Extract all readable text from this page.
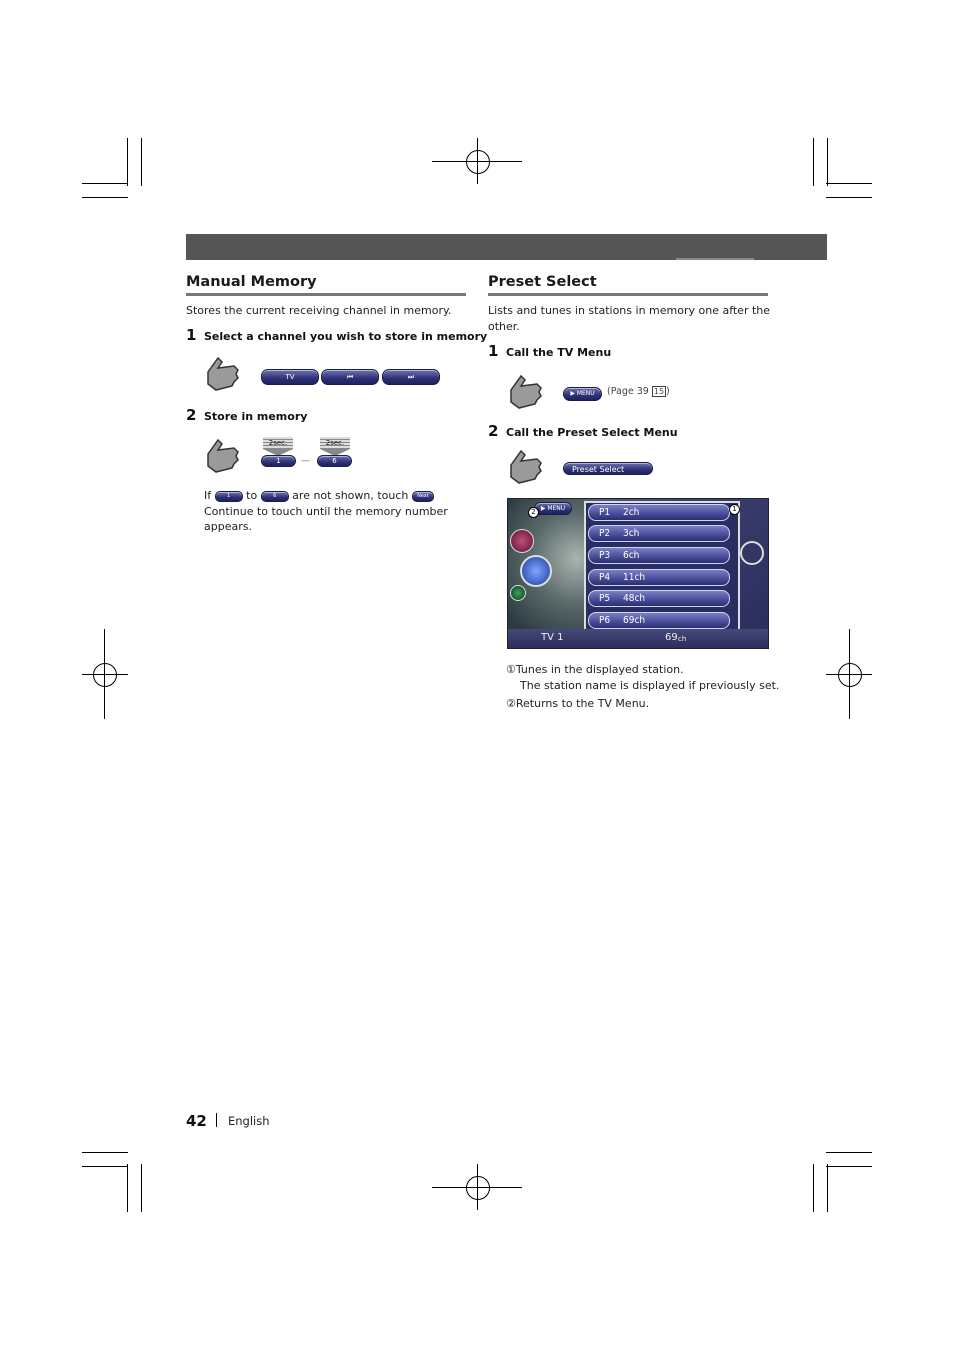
Manual Memory
Stores the current receiving channel in memory.
1 Select a channel you wish to store in memory
TV	⏮	⏭
2 Store in memory
2sec.
1	—
2sec.
6
If	1 to	6 are not shown, touch Next
Continue to touch until the memory number
appears.
Preset Select
Lists and tunes in stations in memory one after the
other.
1 Call the TV Menu
▶ MENU	(Page 39 15 )
2 Call the Preset Select Menu
Preset Select
▶ MENU
2	P1 2ch
P2 3ch
P3 6ch
P4 11ch
P5 48ch
P6 69ch
1
TV 1	69 ch
①Tunes in the displayed station.
The station name is displayed if previously set.
②Returns to the TV Menu.
42 English
